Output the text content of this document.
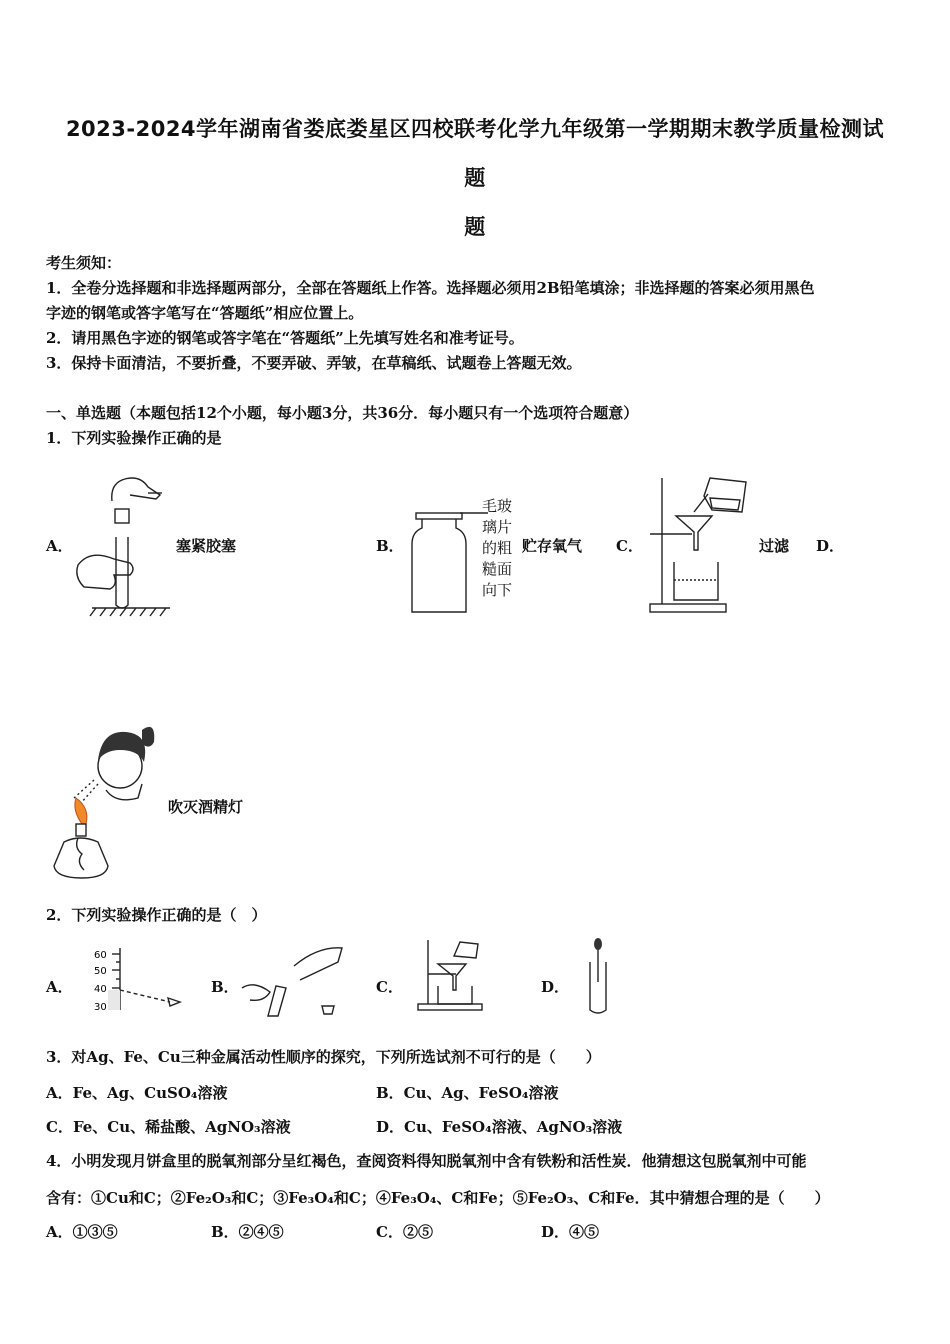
2023-2024学年湖南省娄底娄星区四校联考化学九年级第一学期期末教学质量检测试
题
题
考生须知：
1．全卷分选择题和非选择题两部分，全部在答题纸上作答。选择题必须用2B铅笔填涂；非选择题的答案必须用黑色
字迹的钢笔或答字笔写在“答题纸”相应位置上。
2．请用黑色字迹的钢笔或答字笔在“答题纸”上先填写姓名和准考证号。
3．保持卡面清洁，不要折叠，不要弄破、弄皱，在草稿纸、试题卷上答题无效。
一、单选题（本题包括12个小题，每小题3分，共36分．每小题只有一个选项符合题意）
1．下列实验操作正确的是
A．	塞紧胶塞	B．
毛玻
璃片
的粗
糙面
向下
贮存氧气 C．	过滤 D．
吹灭酒精灯
2．下列实验操作正确的是（　）
A．
60
50
40
30
B．	C．	D．
3．对Ag、Fe、Cu三种金属活动性顺序的探究，下列所选试剂不可行的是（　　）
A．Fe、Ag、CuSO₄溶液	B．Cu、Ag、FeSO₄溶液
C．Fe、Cu、稀盐酸、AgNO₃溶液	D．Cu、FeSO₄溶液、AgNO₃溶液
4．小明发现月饼盒里的脱氧剂部分呈红褐色，查阅资料得知脱氧剂中含有铁粉和活性炭．他猜想这包脱氧剂中可能
含有：①Cu和C；②Fe₂O₃和C；③Fe₃O₄和C；④Fe₃O₄、C和Fe；⑤Fe₂O₃、C和Fe．其中猜想合理的是（　　）
A．①③⑤	B．②④⑤	C．②⑤	D．④⑤
